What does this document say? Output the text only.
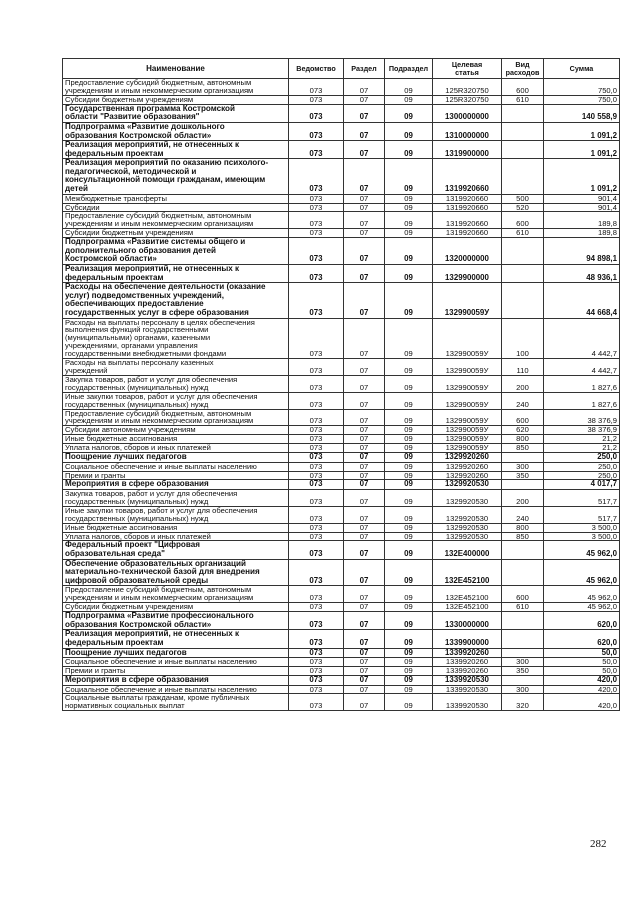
Наименование	Ведомство	Раздел	Подраздел	Целевая
статья	Вид
расходов	Сумма
Предоставление субсидий бюджетным, автономным
учреждениям и иным некоммерческим организациям	073	07	09	125R320750	600	750,0
Субсидии бюджетным учреждениям	073	07	09	125R320750	610	750,0
Государственная программа Костромской
области "Развитие образования"	073	07	09	1300000000		140 558,9
Подпрограмма «Развитие дошкольного
образования Костромской области»	073	07	09	1310000000		1 091,2
Реализация мероприятий, не отнесенных к
федеральным проектам	073	07	09	1319900000		1 091,2
Реализация мероприятий по оказанию психолого-
педагогической, методической и
консультационной помощи гражданам, имеющим
детей	073	07	09	1319920660		1 091,2
Межбюджетные трансферты	073	07	09	1319920660	500	901,4
Субсидии	073	07	09	1319920660	520	901,4
Предоставление субсидий бюджетным, автономным
учреждениям и иным некоммерческим организациям	073	07	09	1319920660	600	189,8
Субсидии бюджетным учреждениям	073	07	09	1319920660	610	189,8
Подпрограмма «Развитие системы общего и
дополнительного образования детей
Костромской области»	073	07	09	1320000000		94 898,1
Реализация мероприятий, не отнесенных к
федеральным проектам	073	07	09	1329900000		48 936,1
Расходы на обеспечение деятельности (оказание
услуг) подведомственных учреждений,
обеспечивающих предоставление
государственных услуг в сфере образования	073	07	09	132990059У		44 668,4
Расходы на выплаты персоналу в целях обеспечения
выполнения функций государственными
(муниципальными) органами, казенными
учреждениями, органами управления
государственными внебюджетными фондами	073	07	09	132990059У	100	4 442,7
Расходы на выплаты персоналу казенных
учреждений	073	07	09	132990059У	110	4 442,7
Закупка товаров, работ и услуг для обеспечения
государственных (муниципальных) нужд	073	07	09	132990059У	200	1 827,6
Иные закупки товаров, работ и услуг для обеспечения
государственных (муниципальных) нужд	073	07	09	132990059У	240	1 827,6
Предоставление субсидий бюджетным, автономным
учреждениям и иным некоммерческим организациям	073	07	09	132990059У	600	38 376,9
Субсидии автономным учреждениям	073	07	09	132990059У	620	38 376,9
Иные бюджетные ассигнования	073	07	09	132990059У	800	21,2
Уплата налогов, сборов и иных платежей	073	07	09	132990059У	850	21,2
Поощрение лучших педагогов	073	07	09	1329920260		250,0
Социальное обеспечение и иные выплаты населению	073	07	09	1329920260	300	250,0
Премии и гранты	073	07	09	1329920260	350	250,0
Мероприятия в сфере образования	073	07	09	1329920530		4 017,7
Закупка товаров, работ и услуг для обеспечения
государственных (муниципальных) нужд	073	07	09	1329920530	200	517,7
Иные закупки товаров, работ и услуг для обеспечения
государственных (муниципальных) нужд	073	07	09	1329920530	240	517,7
Иные бюджетные ассигнования	073	07	09	1329920530	800	3 500,0
Уплата налогов, сборов и иных платежей	073	07	09	1329920530	850	3 500,0
Федеральный проект "Цифровая
образовательная среда"	073	07	09	132E400000		45 962,0
Обеспечение образовательных организаций
материально-технической базой для внедрения
цифровой образовательной среды	073	07	09	132E452100		45 962,0
Предоставление субсидий бюджетным, автономным
учреждениям и иным некоммерческим организациям	073	07	09	132E452100	600	45 962,0
Субсидии бюджетным учреждениям	073	07	09	132E452100	610	45 962,0
Подпрограмма «Развитие профессионального
образования Костромской области»	073	07	09	1330000000		620,0
Реализация мероприятий, не отнесенных к
федеральным проектам	073	07	09	1339900000		620,0
Поощрение лучших педагогов	073	07	09	1339920260		50,0
Социальное обеспечение и иные выплаты населению	073	07	09	1339920260	300	50,0
Премии и гранты	073	07	09	1339920260	350	50,0
Мероприятия в сфере образования	073	07	09	1339920530		420,0
Социальное обеспечение и иные выплаты населению	073	07	09	1339920530	300	420,0
Социальные выплаты гражданам, кроме публичных
нормативных социальных выплат	073	07	09	1339920530	320	420,0
282
